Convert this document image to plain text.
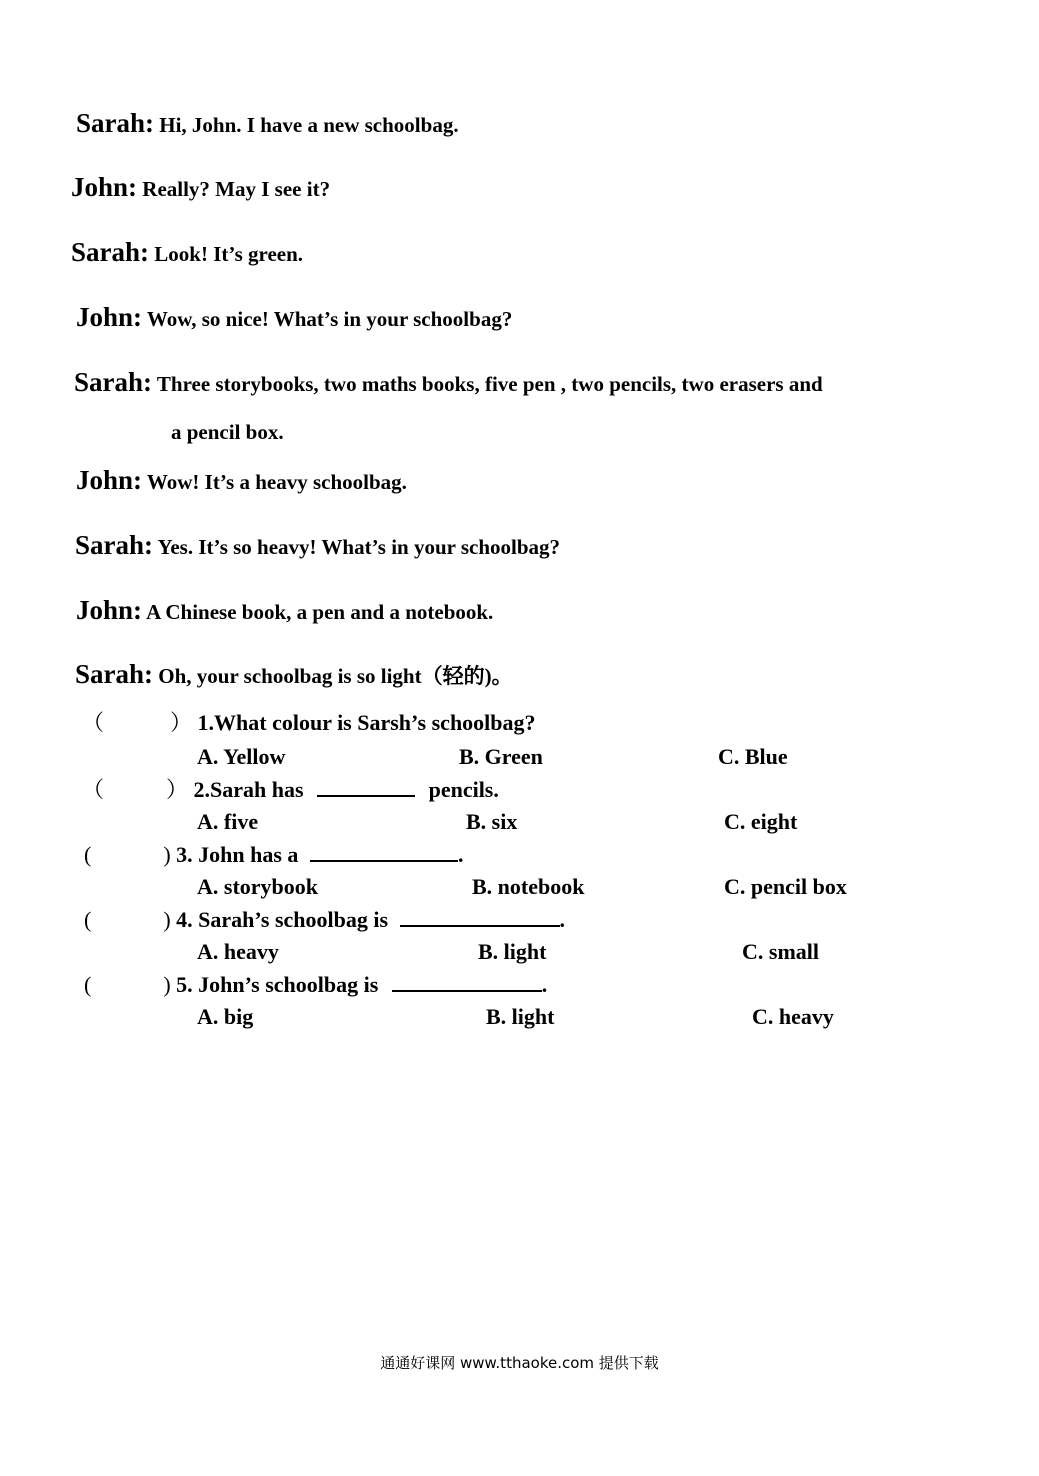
Sarah: Hi, John. I have a new schoolbag.
John: Really? May I see it?
Sarah: Look! It’s green.
John: Wow, so nice! What’s in your schoolbag?
Sarah: Three storybooks, two maths books, five pen , two pencils, two erasers and
a pencil box.
John: Wow! It’s a heavy schoolbag.
Sarah: Yes. It’s so heavy! What’s in your schoolbag?
John: A Chinese book, a pen and a notebook.
Sarah: Oh, your schoolbag is so light（轻的)。
（	） 1.What colour is Sarsh’s schoolbag?
A. Yellow	B. Green	C. Blue
（	） 2.Sarah has	pencils.
A. five	B. six	C. eight
(	) 3. John has a	.
A. storybook	B. notebook	C. pencil box
(	) 4. Sarah’s schoolbag is	.
A. heavy	B. light	C. small
(	) 5. John’s schoolbag is	.
A. big	B. light	C. heavy
通通好课网 www.tthaoke.com 提供下载
